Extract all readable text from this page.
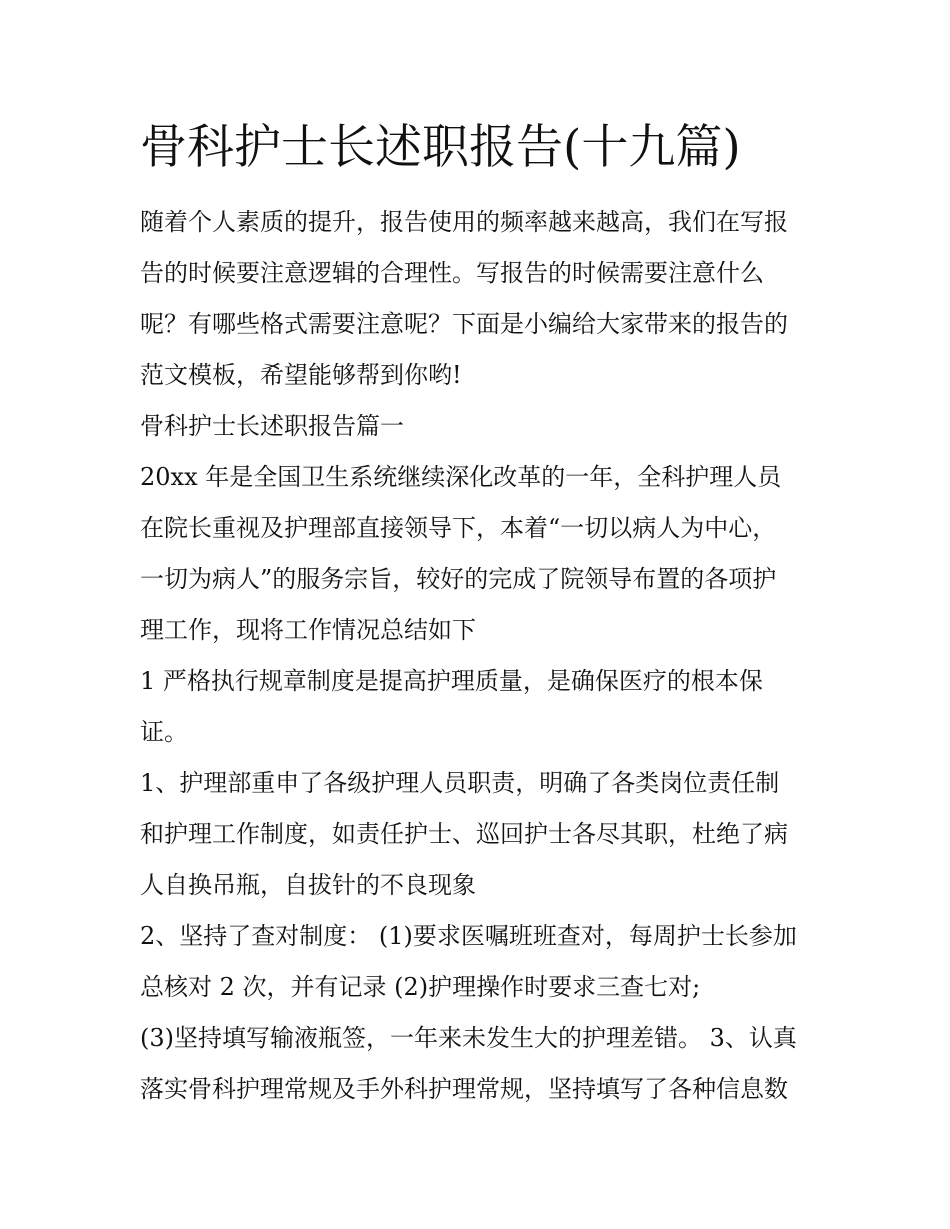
骨科护士长述职报告(十九篇)
随着个人素质的提升，报告使用的频率越来越高，我们在写报
告的时候要注意逻辑的合理性。写报告的时候需要注意什么
呢？有哪些格式需要注意呢？下面是小编给大家带来的报告的
范文模板，希望能够帮到你哟!
骨科护士长述职报告篇一
20xx 年是全国卫生系统继续深化改革的一年，全科护理人员
在院长重视及护理部直接领导下，本着“一切以病人为中心，
一切为病人”的服务宗旨，较好的完成了院领导布置的各项护
理工作，现将工作情况总结如下
1 严格执行规章制度是提高护理质量，是确保医疗的根本保
证。
1、护理部重申了各级护理人员职责，明确了各类岗位责任制
和护理工作制度，如责任护士、巡回护士各尽其职，杜绝了病
人自换吊瓶，自拔针的不良现象
2、坚持了查对制度： (1)要求医嘱班班查对，每周护士长参加
总核对 2 次，并有记录 (2)护理操作时要求三查七对;
(3)坚持填写输液瓶签，一年来未发生大的护理差错。 3、认真
落实骨科护理常规及手外科护理常规，坚持填写了各种信息数
